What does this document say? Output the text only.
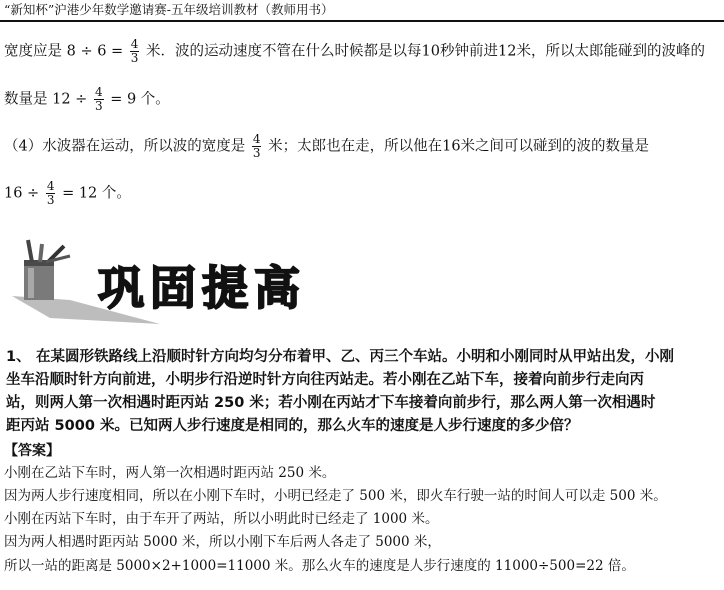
“新知杯”沪港少年数学邀请赛-五年级培训教材（教师用书）
宽度应是 $8 \div 6 = \frac{4}{3}$ 米．波的运动速度不管在什么时候都是以每10秒钟前进12米，所以太郎能碰到的波峰的
数量是 $12 \div \frac{4}{3} = 9$ 个。
（4）水波器在运动，所以波的宽度是 $\frac{4}{3}$ 米；太郎也在走，所以他在16米之间可以碰到的波的数量是
$16 \div \frac{4}{3} = 12$ 个。
巩固提高
1、 在某圆形铁路线上沿顺时针方向均匀分布着甲、乙、丙三个车站。小明和小刚同时从甲站出发，小刚
坐车沿顺时针方向前进，小明步行沿逆时针方向往丙站走。若小刚在乙站下车，接着向前步行走向丙
站，则两人第一次相遇时距丙站 250 米；若小刚在丙站才下车接着向前步行，那么两人第一次相遇时
距丙站 5000 米。已知两人步行速度是相同的，那么火车的速度是人步行速度的多少倍？
【答案】
小刚在乙站下车时，两人第一次相遇时距丙站 250 米。
因为两人步行速度相同，所以在小刚下车时，小明已经走了 500 米，即火车行驶一站的时间人可以走 500 米。
小刚在丙站下车时，由于车开了两站，所以小明此时已经走了 1000 米。
因为两人相遇时距丙站 5000 米，所以小刚下车后两人各走了 5000 米，
所以一站的距离是 5000×2+1000=11000 米。那么火车的速度是人步行速度的 11000÷500=22 倍。
